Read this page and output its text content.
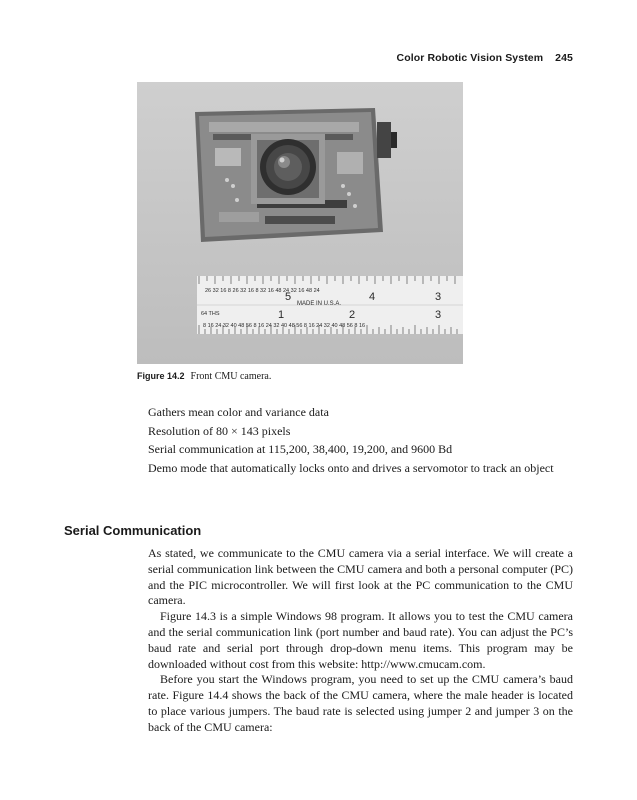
Color Robotic Vision System 245
26 32 16 8 26 32 16 8 32 16 48 24 32 16 48 24
8 16 24 32 40 48 56 8 16 24 32 40 48 56 8 16 24 32 40 48 56 8 16
5	4	3
MADE IN U.S.A.
64 THS	1	2	3
Figure 14.2 Front CMU camera.
Gathers mean color and variance data
Resolution of 80 × 143 pixels
Serial communication at 115,200, 38,400, 19,200, and 9600 Bd
Demo mode that automatically locks onto and drives a servomotor to track an object
Serial Communication

As stated, we communicate to the CMU camera via a serial interface. We will create a serial communication link between the CMU camera and both a personal computer (PC) and the PIC microcontroller. We will first look at the PC communication to the CMU camera.

Figure 14.3 is a simple Windows 98 program. It allows you to test the CMU camera and the serial communication link (port number and baud rate). You can adjust the PC’s baud rate and serial port through drop-down menu items. This program may be downloaded without cost from this website: http://www.cmucam.com.

Before you start the Windows program, you need to set up the CMU camera’s baud rate. Figure 14.4 shows the back of the CMU camera, where the male header is located to place various jumpers. The baud rate is selected using jumper 2 and jumper 3 on the back of the CMU camera:
